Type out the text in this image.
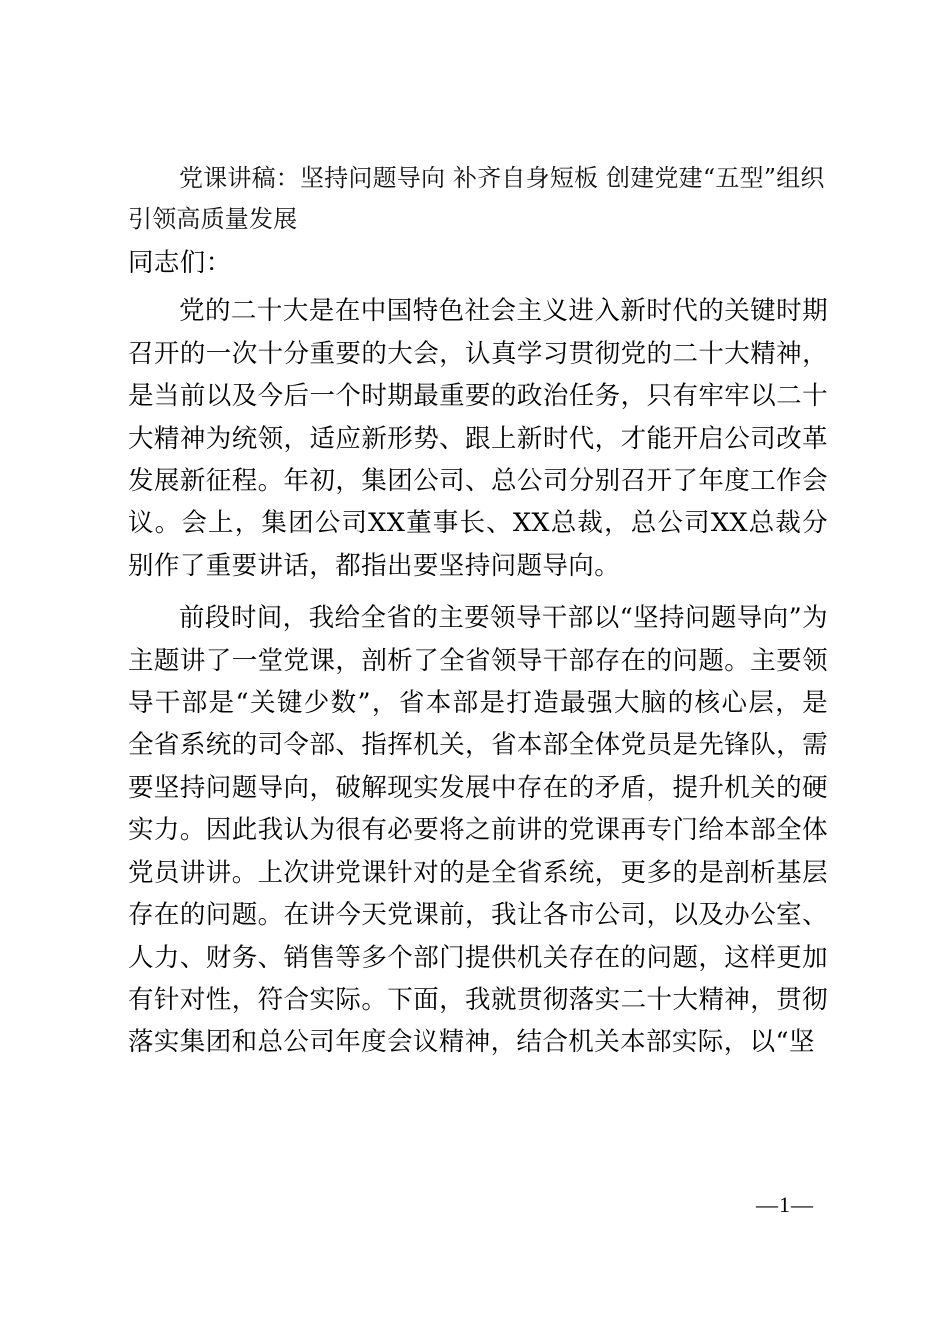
党课讲稿：坚持问题导向 补齐自身短板 创建党建“五型”组织引领高质量发展

同志们：

党的二十大是在中国特色社会主义进入新时代的关键时期召开的一次十分重要的大会，认真学习贯彻党的二十大精神，是当前以及今后一个时期最重要的政治任务，只有牢牢以二十大精神为统领，适应新形势、跟上新时代，才能开启公司改革发展新征程。年初，集团公司、总公司分别召开了年度工作会议。会上，集团公司XX董事长、XX总裁，总公司XX总裁分别作了重要讲话，都指出要坚持问题导向。

前段时间，我给全省的主要领导干部以“坚持问题导向”为主题讲了一堂党课，剖析了全省领导干部存在的问题。主要领导干部是“关键少数”，省本部是打造最强大脑的核心层，是全省系统的司令部、指挥机关，省本部全体党员是先锋队，需要坚持问题导向，破解现实发展中存在的矛盾，提升机关的硬实力。因此我认为很有必要将之前讲的党课再专门给本部全体党员讲讲。上次讲党课针对的是全省系统，更多的是剖析基层存在的问题。在讲今天党课前，我让各市公司，以及办公室、人力、财务、销售等多个部门提供机关存在的问题，这样更加有针对性，符合实际。下面，我就贯彻落实二十大精神，贯彻落实集团和总公司年度会议精神，结合机关本部实际，以“坚

—1—
